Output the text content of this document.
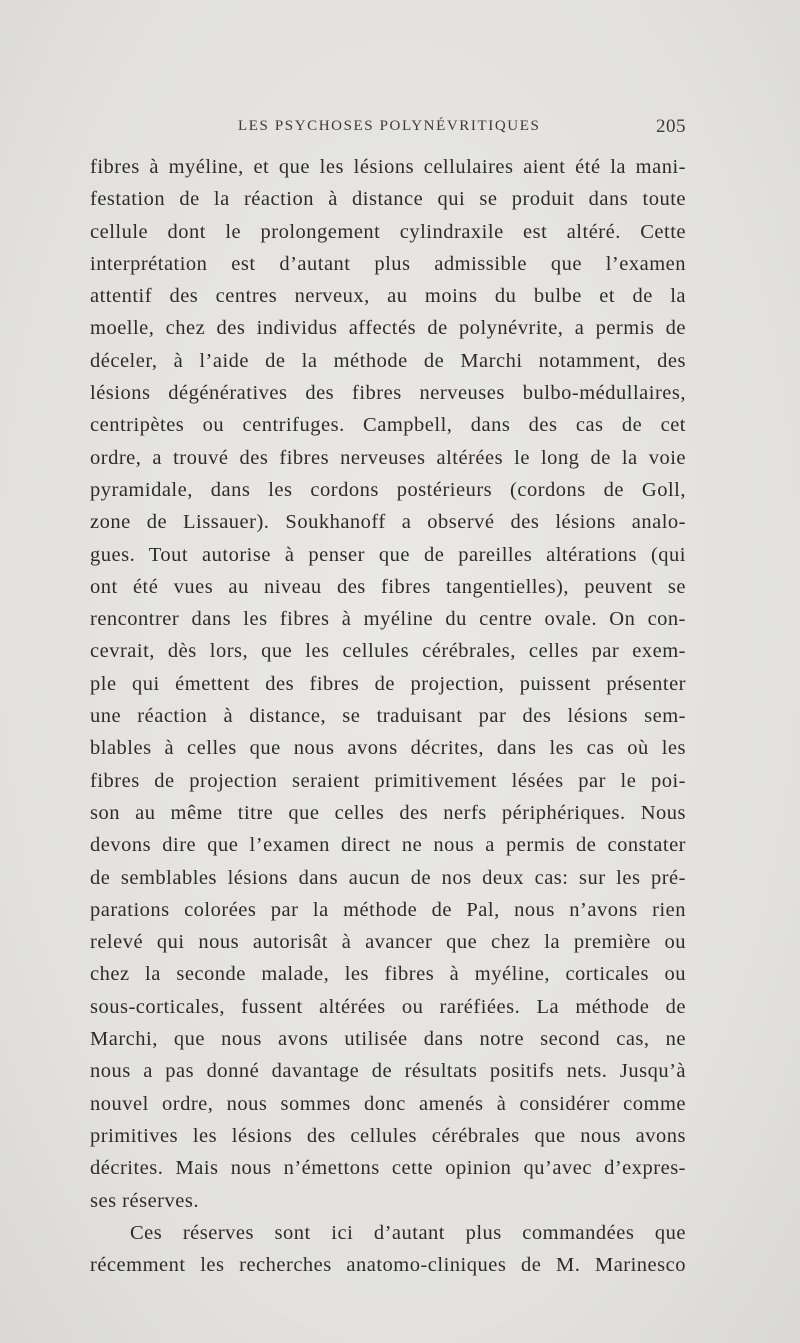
LES PSYCHOSES POLYNÉVRITIQUES	205
fibres à myéline, et que les lésions cellulaires aient été la mani-
festation de la réaction à distance qui se produit dans toute
cellule dont le prolongement cylindraxile est altéré. Cette
interprétation est d’autant plus admissible que l’examen
attentif des centres nerveux, au moins du bulbe et de la
moelle, chez des individus affectés de polynévrite, a permis de
déceler, à l’aide de la méthode de Marchi notamment, des
lésions dégénératives des fibres nerveuses bulbo-médullaires,
centripètes ou centrifuges. Campbell, dans des cas de cet
ordre, a trouvé des fibres nerveuses altérées le long de la voie
pyramidale, dans les cordons postérieurs (cordons de Goll,
zone de Lissauer). Soukhanoff a observé des lésions analo-
gues. Tout autorise à penser que de pareilles altérations (qui
ont été vues au niveau des fibres tangentielles), peuvent se
rencontrer dans les fibres à myéline du centre ovale. On con-
cevrait, dès lors, que les cellules cérébrales, celles par exem-
ple qui émettent des fibres de projection, puissent présenter
une réaction à distance, se traduisant par des lésions sem-
blables à celles que nous avons décrites, dans les cas où les
fibres de projection seraient primitivement lésées par le poi-
son au même titre que celles des nerfs périphériques. Nous
devons dire que l’examen direct ne nous a permis de constater
de semblables lésions dans aucun de nos deux cas: sur les pré-
parations colorées par la méthode de Pal, nous n’avons rien
relevé qui nous autorisât à avancer que chez la première ou
chez la seconde malade, les fibres à myéline, corticales ou
sous-corticales, fussent altérées ou raréfiées. La méthode de
Marchi, que nous avons utilisée dans notre second cas, ne
nous a pas donné davantage de résultats positifs nets. Jusqu’à
nouvel ordre, nous sommes donc amenés à considérer comme
primitives les lésions des cellules cérébrales que nous avons
décrites. Mais nous n’émettons cette opinion qu’avec d’expres-
ses réserves.
Ces réserves sont ici d’autant plus commandées que
récemment les recherches anatomo-cliniques de M. Marinesco
